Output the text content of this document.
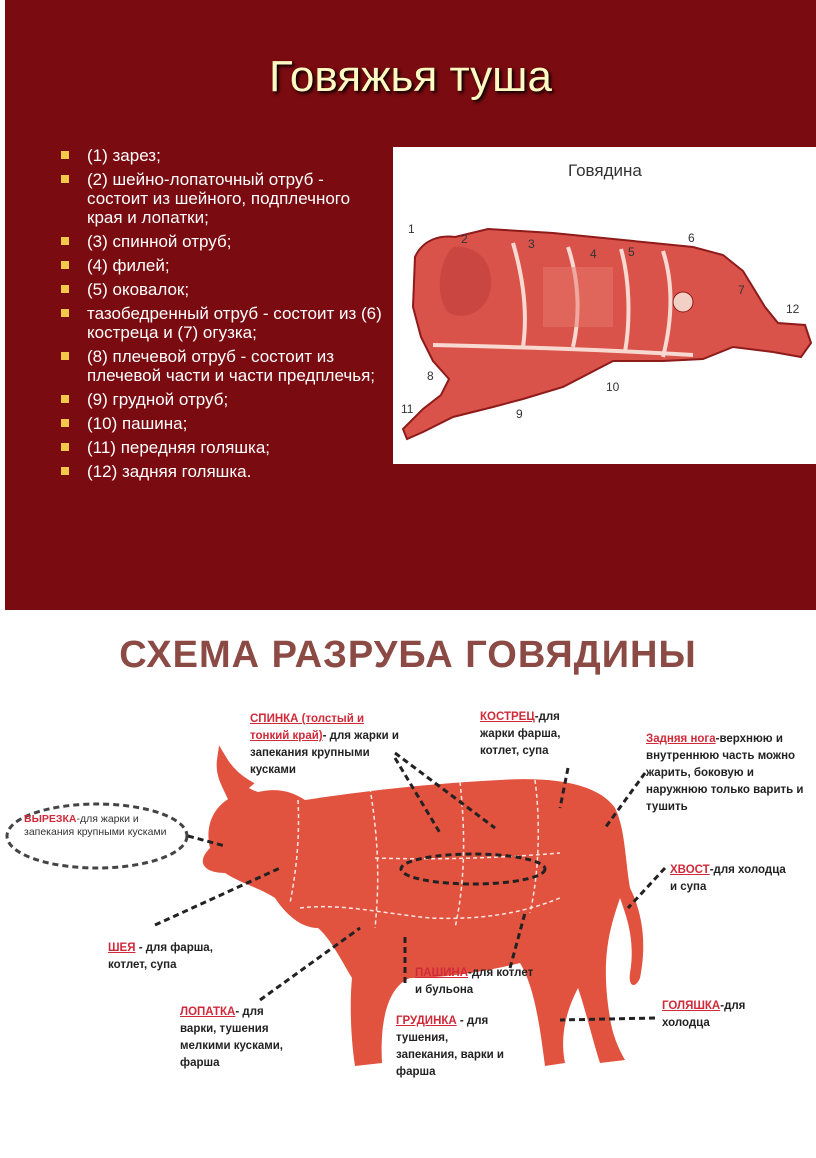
Говяжья туша
(1) зарез;
(2) шейно-лопаточный отруб - состоит из шейного, подплечного края и лопатки;
(3) спинной отруб;
(4) филей;
(5) оковалок;
тазобедренный отруб - состоит из (6) костреца и (7) огузка;
(8) плечевой отруб - состоит из плечевой части и части предплечья;
(9) грудной отруб;
(10) пашина;
(11) передняя голяшка;
(12) задняя голяшка.
Говядина
1
2	3
4	5
6
7
8
9
10
11
12
СХЕМА РАЗРУБА ГОВЯДИНЫ
ВЫРЕЗКА-для жарки и запекания крупными кусками
СПИНКА (толстый и тонкий край)- для жарки и запекания крупными кусками
КОСТРЕЦ-для жарки фарша, котлет, супа
Задняя нога-верхнюю и внутреннюю часть можно жарить, боковую и наружнюю только варить и тушить
ХВОСТ-для холодца и супа
ШЕЯ - для фарша, котлет, супа
ПАШИНА-для котлет и бульона
ГОЛЯШКА-для холодца
ЛОПАТКА- для варки, тушения мелкими кусками, фарша
ГРУДИНКА - для тушения, запекания, варки и фарша
